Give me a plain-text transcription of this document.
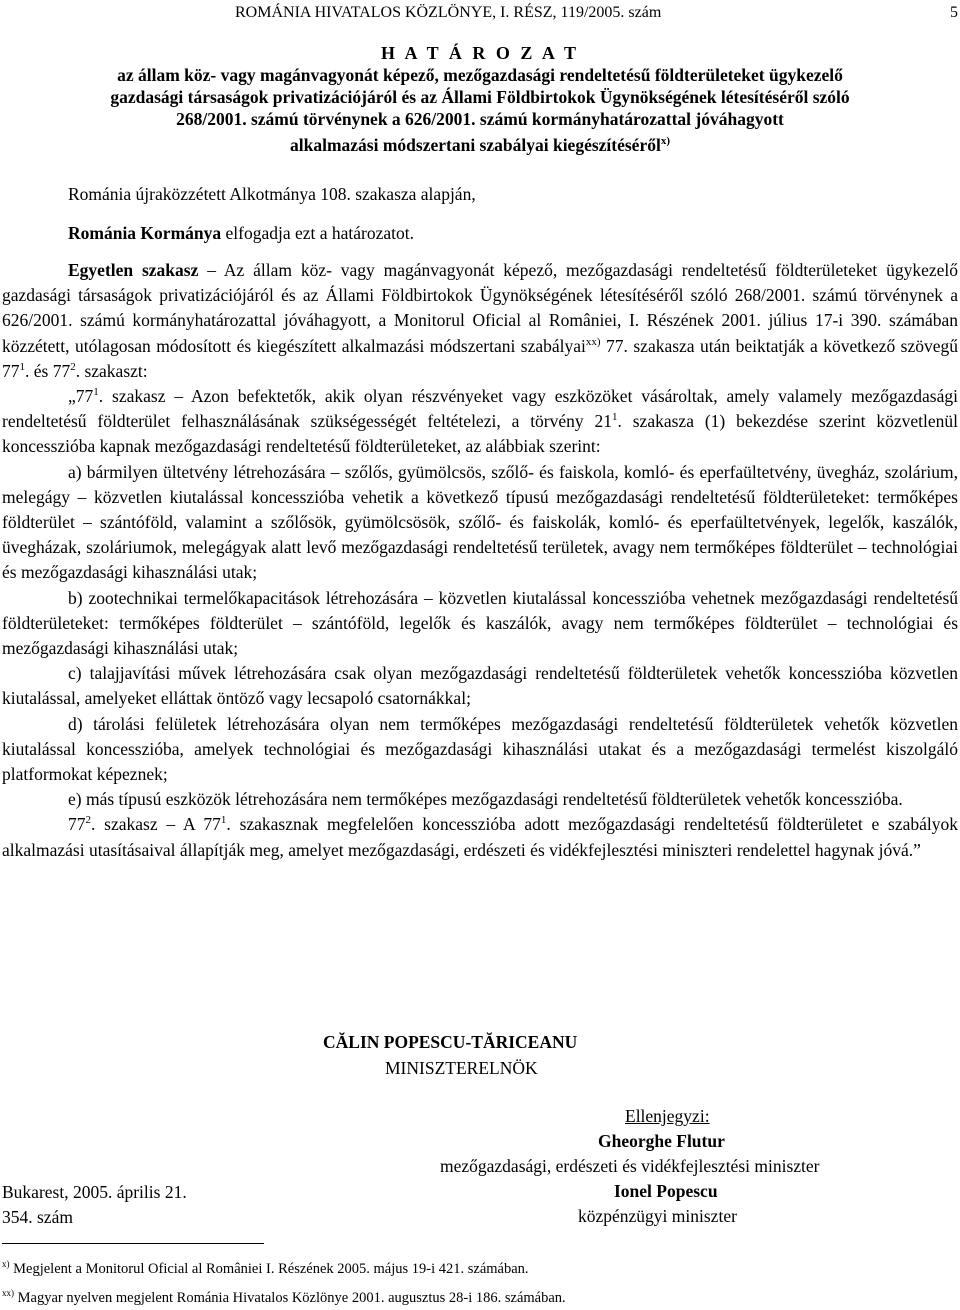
ROMÁNIA HIVATALOS KÖZLÖNYE, I. RÉSZ, 119/2005. szám	5
H A T Á R O Z A T
az állam köz- vagy magánvagyonát képező, mezőgazdasági rendeltetésű földterületeket ügykezelő
gazdasági társaságok privatizációjáról és az Állami Földbirtokok Ügynökségének létesítéséről szóló
268/2001. számú törvénynek a 626/2001. számú kormányhatározattal jóváhagyott
alkalmazási módszertani szabályai kiegészítéséről$^{x)}$
Románia újraközzétett Alkotmánya 108. szakasza alapján,
Románia Kormánya elfogadja ezt a határozatot.

Egyetlen szakasz – Az állam köz- vagy magánvagyonát képező, mezőgazdasági rendeltetésű földterületeket ügykezelő gazdasági társaságok privatizációjáról és az Állami Földbirtokok Ügynökségének létesítéséről szóló 268/2001. számú törvénynek a 626/2001. számú kormányhatározattal jóváhagyott, a Monitorul Oficial al României, I. Részének 2001. július 17-i 390. számában közzétett, utólagosan módosított és kiegészített alkalmazási módszertani szabályai$^{xx)}$ 77. szakasza után beiktatják a következő szövegű $77^1$. és $77^2$. szakaszt:

$„77^1$. szakasz – Azon befektetők, akik olyan részvényeket vagy eszközöket vásároltak, amely valamely mezőgazdasági rendeltetésű földterület felhasználásának szükségességét feltételezi, a törvény $21^1$. szakasza (1) bekezdése szerint közvetlenül koncesszióba kapnak mezőgazdasági rendeltetésű földterületeket, az alábbiak szerint:

a) bármilyen ültetvény létrehozására – szőlős, gyümölcsös, szőlő- és faiskola, komló- és eperfaültetvény, üvegház, szolárium, melegágy – közvetlen kiutalással koncesszióba vehetik a következő típusú mezőgazdasági rendeltetésű földterületeket: termőképes földterület – szántóföld, valamint a szőlősök, gyümölcsösök, szőlő- és faiskolák, komló- és eperfaültetvények, legelők, kaszálók, üvegházak, szoláriumok, melegágyak alatt levő mezőgazdasági rendeltetésű területek, avagy nem termőképes földterület – technológiai és mezőgazdasági kihasználási utak;

b) zootechnikai termelőkapacitások létrehozására – közvetlen kiutalással koncesszióba vehetnek mezőgazdasági rendeltetésű földterületeket: termőképes földterület – szántóföld, legelők és kaszálók, avagy nem termőképes földterület – technológiai és mezőgazdasági kihasználási utak;

c) talajjavítási művek létrehozására csak olyan mezőgazdasági rendeltetésű földterületek vehetők koncesszióba közvetlen kiutalással, amelyeket elláttak öntöző vagy lecsapoló csatornákkal;

d) tárolási felületek létrehozására olyan nem termőképes mezőgazdasági rendeltetésű földterületek vehetők közvetlen kiutalással koncesszióba, amelyek technológiai és mezőgazdasági kihasználási utakat és a mezőgazdasági termelést kiszolgáló platformokat képeznek;

e) más típusú eszközök létrehozására nem termőképes mezőgazdasági rendeltetésű földterületek vehetők koncesszióba.

$77^2$. szakasz – A $77^1$. szakasznak megfelelően koncesszióba adott mezőgazdasági rendeltetésű földterületet e szabályok alkalmazási utasításaival állapítják meg, amelyet mezőgazdasági, erdészeti és vidékfejlesztési miniszteri rendelettel hagynak jóvá.”

CĂLIN POPESCU-TĂRICEANU
MINISZTERELNÖK
Ellenjegyzi:
Gheorghe Flutur
mezőgazdasági, erdészeti és vidékfejlesztési miniszter
Ionel Popescu
közpénzügyi miniszter
Bukarest, 2005. április 21.
354. szám
$^{x)}$ Megjelent a Monitorul Oficial al României I. Részének 2005. május 19-i 421. számában.
$^{xx)}$ Magyar nyelven megjelent Románia Hivatalos Közlönye 2001. augusztus 28-i 186. számában.
